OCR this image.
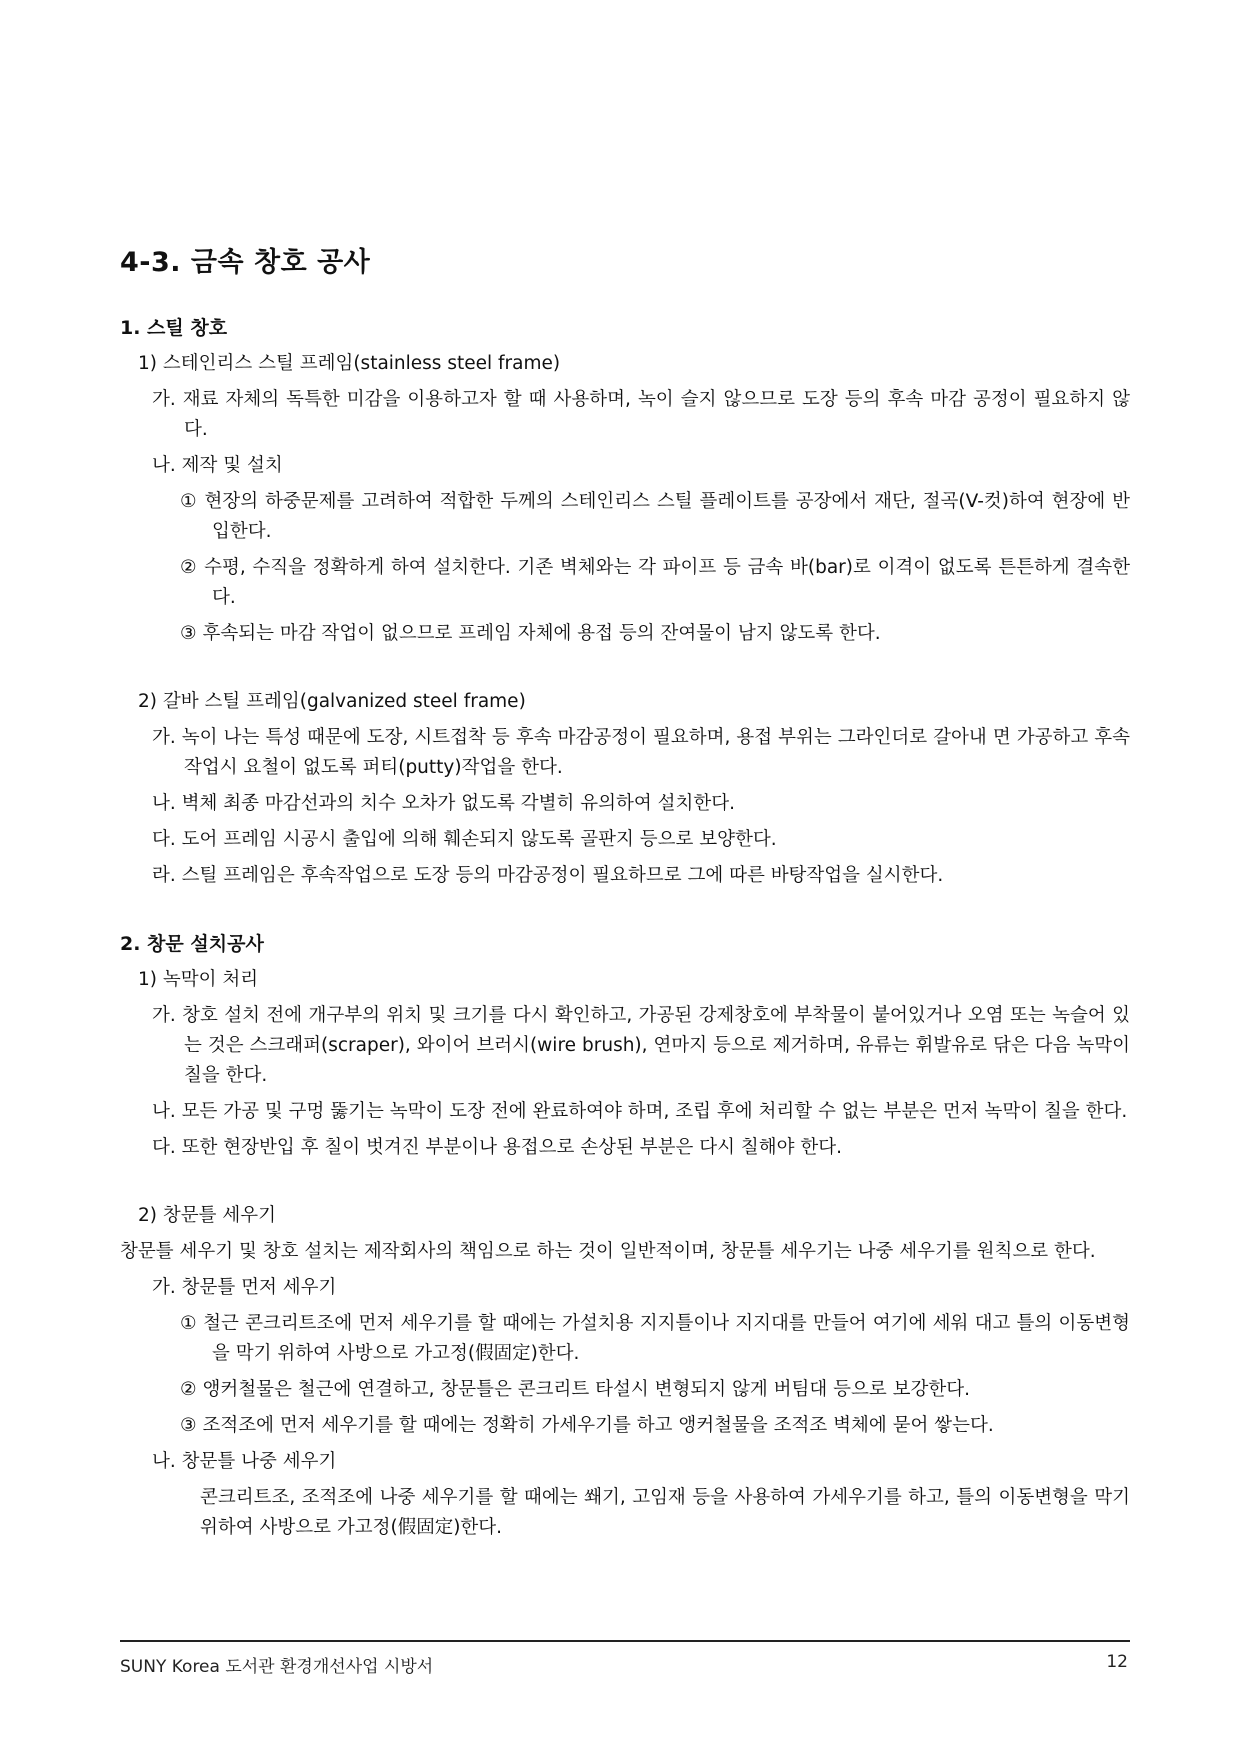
4-3. 금속 창호 공사
1. 스틸 창호

1) 스테인리스 스틸 프레임(stainless steel frame)

가. 재료 자체의 독특한 미감을 이용하고자 할 때 사용하며, 녹이 슬지 않으므로 도장 등의 후속 마감 공정이 필요하지 않다.

나. 제작 및 설치

① 현장의 하중문제를 고려하여 적합한 두께의 스테인리스 스틸 플레이트를 공장에서 재단, 절곡(V-컷)하여 현장에 반입한다.

② 수평, 수직을 정확하게 하여 설치한다. 기존 벽체와는 각 파이프 등 금속 바(bar)로 이격이 없도록 튼튼하게 결속한다.

③ 후속되는 마감 작업이 없으므로 프레임 자체에 용접 등의 잔여물이 남지 않도록 한다.

2) 갈바 스틸 프레임(galvanized steel frame)

가. 녹이 나는 특성 때문에 도장, 시트접착 등 후속 마감공정이 필요하며, 용접 부위는 그라인더로 갈아내 면 가공하고 후속 작업시 요철이 없도록 퍼티(putty)작업을 한다.

나. 벽체 최종 마감선과의 치수 오차가 없도록 각별히 유의하여 설치한다.

다. 도어 프레임 시공시 출입에 의해 훼손되지 않도록 골판지 등으로 보양한다.

라. 스틸 프레임은 후속작업으로 도장 등의 마감공정이 필요하므로 그에 따른 바탕작업을 실시한다.

2. 창문 설치공사

1) 녹막이 처리

가. 창호 설치 전에 개구부의 위치 및 크기를 다시 확인하고, 가공된 강제창호에 부착물이 붙어있거나 오염 또는 녹슬어 있는 것은 스크래퍼(scraper), 와이어 브러시(wire brush), 연마지 등으로 제거하며, 유류는 휘발유로 닦은 다음 녹막이 칠을 한다.

나. 모든 가공 및 구멍 뚫기는 녹막이 도장 전에 완료하여야 하며, 조립 후에 처리할 수 없는 부분은 먼저 녹막이 칠을 한다.

다. 또한 현장반입 후 칠이 벗겨진 부분이나 용접으로 손상된 부분은 다시 칠해야 한다.

2) 창문틀 세우기

창문틀 세우기 및 창호 설치는 제작회사의 책임으로 하는 것이 일반적이며, 창문틀 세우기는 나중 세우기를 원칙으로 한다.

가. 창문틀 먼저 세우기

① 철근 콘크리트조에 먼저 세우기를 할 때에는 가설치용 지지틀이나 지지대를 만들어 여기에 세워 대고 틀의 이동변형을 막기 위하여 사방으로 가고정(假固定)한다.

② 앵커철물은 철근에 연결하고, 창문틀은 콘크리트 타설시 변형되지 않게 버팀대 등으로 보강한다.

③ 조적조에 먼저 세우기를 할 때에는 정확히 가세우기를 하고 앵커철물을 조적조 벽체에 묻어 쌓는다.

나. 창문틀 나중 세우기

콘크리트조, 조적조에 나중 세우기를 할 때에는 쐐기, 고임재 등을 사용하여 가세우기를 하고, 틀의 이동변형을 막기 위하여 사방으로 가고정(假固定)한다.

SUNY Korea 도서관 환경개선사업 시방서	12
